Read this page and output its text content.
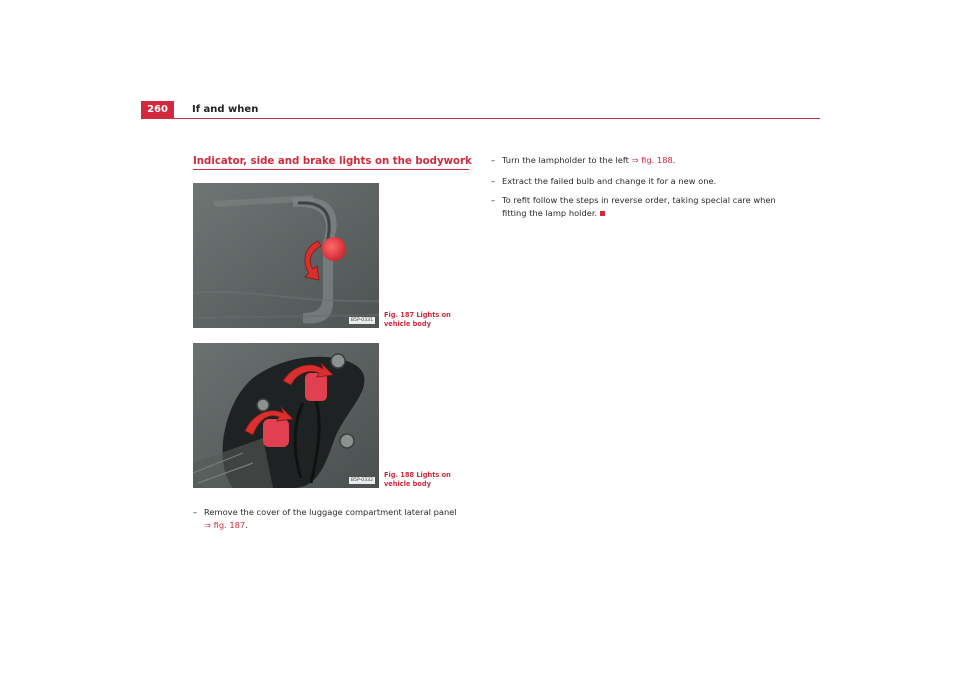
260	If and when
Indicator, side and brake lights on the bodywork
B5P-0331
Fig. 187 Lights on
vehicle body
B5P-0332
Fig. 188 Lights on
vehicle body
– Remove the cover of the luggage compartment lateral panel
⇒ fig. 187.
– Turn the lampholder to the left ⇒ fig. 188.
– Extract the failed bulb and change it for a new one.
– To refit follow the steps in reverse order, taking special care when fitting the lamp holder.
